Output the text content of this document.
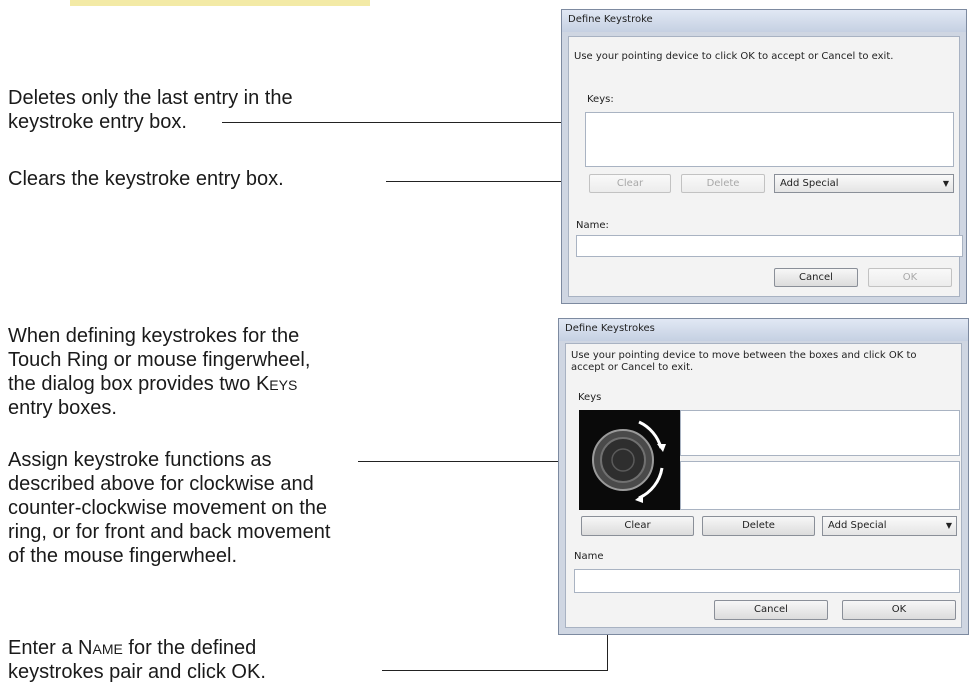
Deletes only the last entry in the
keystroke entry box.

Clears the keystroke entry box.

When defining keystrokes for the
Touch Ring or mouse fingerwheel,
the dialog box provides two Keys
entry boxes.

Assign keystroke functions as
described above for clockwise and
counter-clockwise movement on the
ring, or for front and back movement
of the mouse fingerwheel.

Enter a Name for the defined
keystrokes pair and click OK.

Define Keystroke
Use your pointing device to click OK to accept or Cancel to exit.
Keys:
Clear	Delete	Add Special	▼
Name:
Cancel	OK
Define Keystrokes
Use your pointing device to move between the boxes and click OK to
accept or Cancel to exit.
Keys
Clear	Delete	Add Special	▼
Name
Cancel	OK
